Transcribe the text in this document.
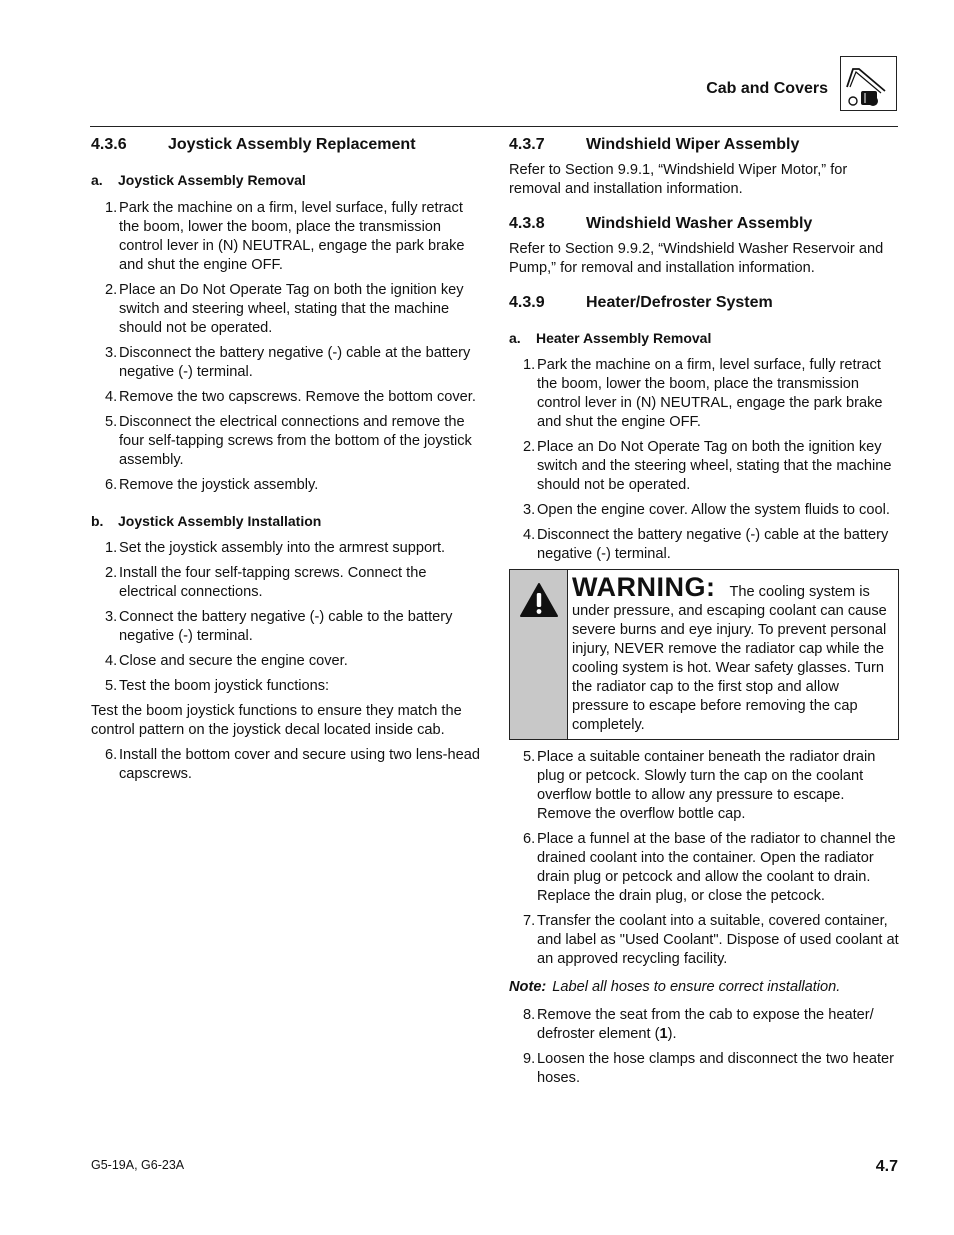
Cab and Covers
4.3.6	Joystick Assembly Replacement
a.	Joystick Assembly Removal
1. Park the machine on a firm, level surface, fully retract the boom, lower the boom, place the transmission control lever in (N) NEUTRAL, engage the park brake and shut the engine OFF.
2. Place an Do Not Operate Tag on both the ignition key switch and steering wheel, stating that the machine should not be operated.
3. Disconnect the battery negative (-) cable at the battery negative (-) terminal.
4. Remove the two capscrews. Remove the bottom cover.
5. Disconnect the electrical connections and remove the four self-tapping screws from the bottom of the joystick assembly.
6. Remove the joystick assembly.
b.	Joystick Assembly Installation
1. Set the joystick assembly into the armrest support.
2. Install the four self-tapping screws. Connect the electrical connections.
3. Connect the battery negative (-) cable to the battery negative (-) terminal.
4. Close and secure the engine cover.
5. Test the boom joystick functions:

Test the boom joystick functions to ensure they match the control pattern on the joystick decal located inside cab.

6. Install the bottom cover and secure using two lens-head capscrews.
4.3.7	Windshield Wiper Assembly

Refer to Section 9.9.1, “Windshield Wiper Motor,” for removal and installation information.

4.3.8	Windshield Washer Assembly

Refer to Section 9.9.2, “Windshield Washer Reservoir and Pump,” for removal and installation information.

4.3.9	Heater/Defroster System
a.	Heater Assembly Removal
1. Park the machine on a firm, level surface, fully retract the boom, lower the boom, place the transmission control lever in (N) NEUTRAL, engage the park brake and shut the engine OFF.
2. Place an Do Not Operate Tag on both the ignition key switch and the steering wheel, stating that the machine should not be operated.
3. Open the engine cover. Allow the system fluids to cool.
4. Disconnect the battery negative (-) cable at the battery negative (-) terminal.
WARNING: The cooling system is under pressure, and escaping coolant can cause severe burns and eye injury. To prevent personal injury, NEVER remove the radiator cap while the cooling system is hot. Wear safety glasses. Turn the radiator cap to the first stop and allow pressure to escape before removing the cap completely.
5. Place a suitable container beneath the radiator drain plug or petcock. Slowly turn the cap on the coolant overflow bottle to allow any pressure to escape. Remove the overflow bottle cap.
6. Place a funnel at the base of the radiator to channel the drained coolant into the container. Open the radiator drain plug or petcock and allow the coolant to drain. Replace the drain plug, or close the petcock.
7. Transfer the coolant into a suitable, covered container, and label as "Used Coolant". Dispose of used coolant at an approved recycling facility.

Note: Label all hoses to ensure correct installation.

8. Remove the seat from the cab to expose the heater/ defroster element (1).
9. Loosen the hose clamps and disconnect the two heater hoses.
G5-19A, G6-23A	4.7
